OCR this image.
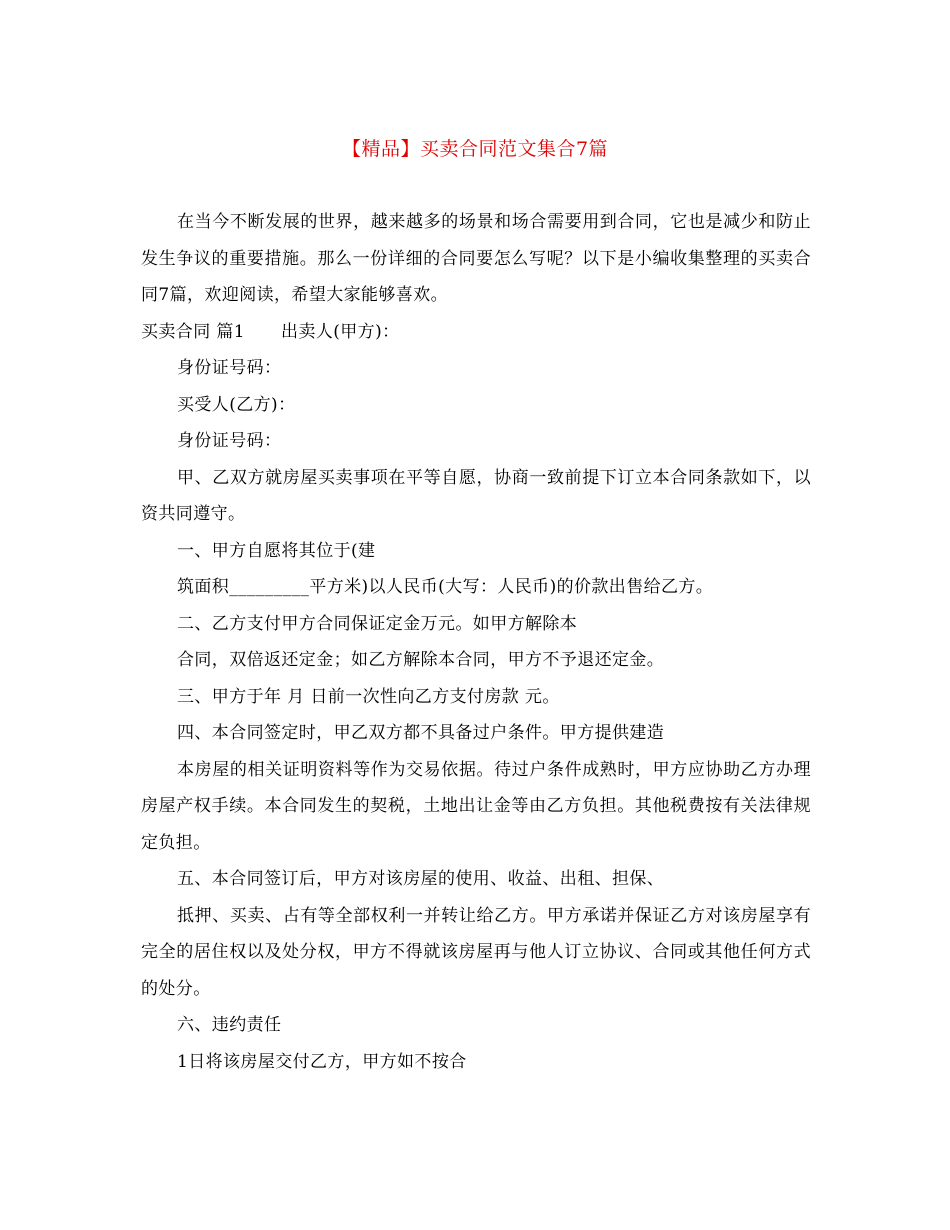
【精品】买卖合同范文集合7篇

在当今不断发展的世界，越来越多的场景和场合需要用到合同，它也是减少和防止发生争议的重要措施。那么一份详细的合同要怎么写呢？以下是小编收集整理的买卖合同7篇，欢迎阅读，希望大家能够喜欢。

买卖合同 篇1 出卖人(甲方)：

身份证号码：

买受人(乙方)：

身份证号码：

甲、乙双方就房屋买卖事项在平等自愿，协商一致前提下订立本合同条款如下，以资共同遵守。

一、甲方自愿将其位于(建

筑面积_________平方米)以人民币(大写：人民币)的价款出售给乙方。

二、乙方支付甲方合同保证定金万元。如甲方解除本

合同，双倍返还定金；如乙方解除本合同，甲方不予退还定金。

三、甲方于年 月 日前一次性向乙方支付房款 元。

四、本合同签定时，甲乙双方都不具备过户条件。甲方提供建造

本房屋的相关证明资料等作为交易依据。待过户条件成熟时，甲方应协助乙方办理房屋产权手续。本合同发生的契税，土地出让金等由乙方负担。其他税费按有关法律规定负担。

五、本合同签订后，甲方对该房屋的使用、收益、出租、担保、

抵押、买卖、占有等全部权利一并转让给乙方。甲方承诺并保证乙方对该房屋享有完全的居住权以及处分权，甲方不得就该房屋再与他人订立协议、合同或其他任何方式的处分。

六、违约责任

1日将该房屋交付乙方，甲方如不按合
